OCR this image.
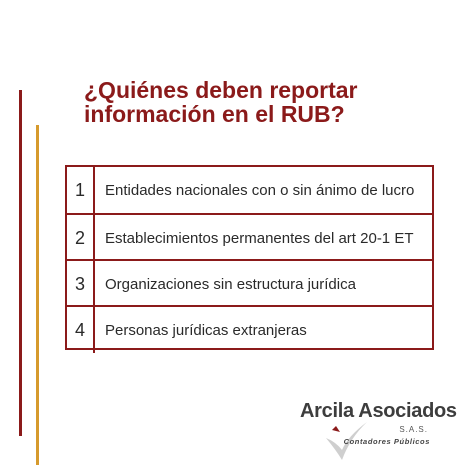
¿Quiénes deben reportar
información en el RUB?
1	Entidades nacionales con o sin ánimo de lucro
2	Establecimientos permanentes del art 20-1 ET
3	Organizaciones sin estructura jurídica
4	Personas jurídicas extranjeras
Arcila Asociados
S.A.S.
Contadores Públicos
